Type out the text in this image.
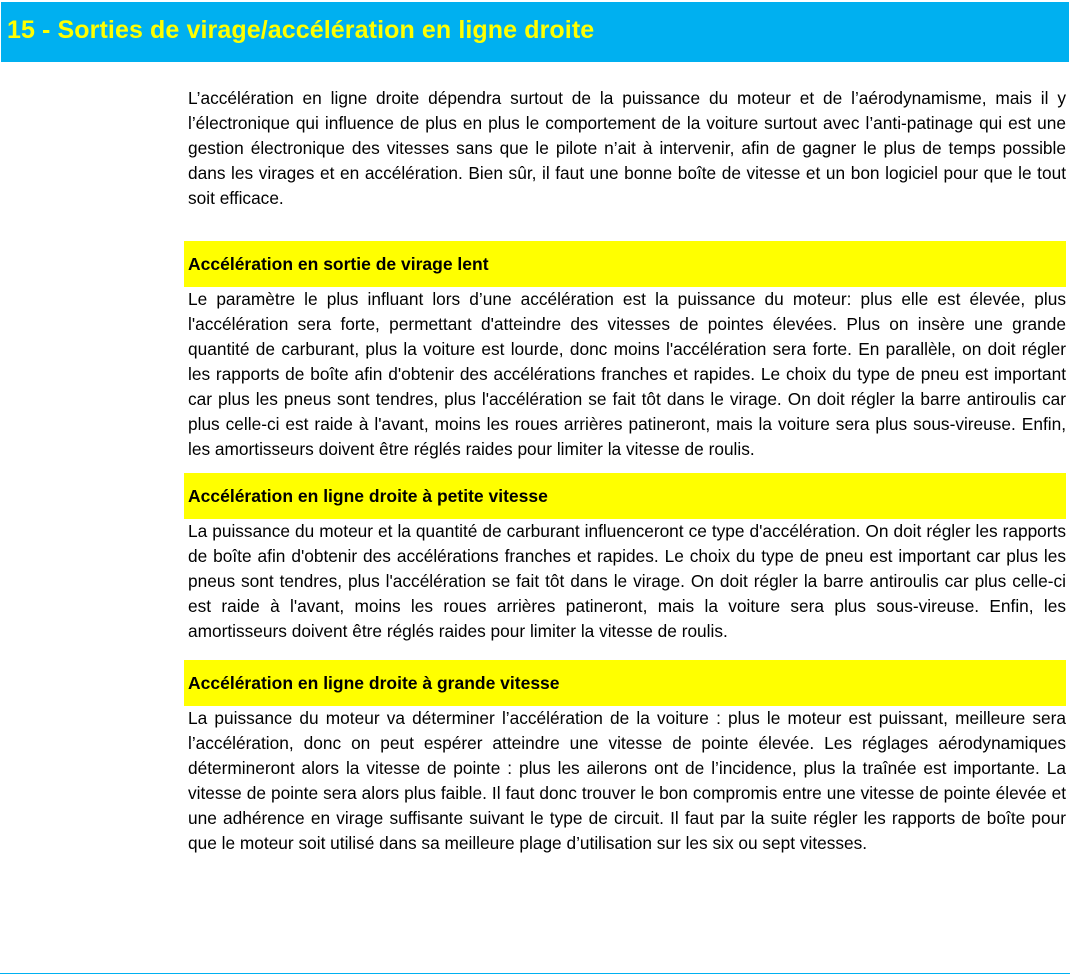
15 - Sorties de virage/accélération en ligne droite

L’accélération en ligne droite dépendra surtout de la puissance du moteur et de l’aérodynamisme, mais il y l’électronique qui influence de plus en plus le comportement de la voiture surtout avec l’anti-patinage qui est une gestion électronique des vitesses sans que le pilote n’ait à intervenir, afin de gagner le plus de temps possible dans les virages et en accélération. Bien sûr, il faut une bonne boîte de vitesse et un bon logiciel pour que le tout soit efficace.

Accélération en sortie de virage lent

Le paramètre le plus influant lors d’une accélération est la puissance du moteur: plus elle est élevée, plus l'accélération sera forte, permettant d'atteindre des vitesses de pointes élevées. Plus on insère une grande quantité de carburant, plus la voiture est lourde, donc moins l'accélération sera forte. En parallèle, on doit régler les rapports de boîte afin d'obtenir des accélérations franches et rapides. Le choix du type de pneu est important car plus les pneus sont tendres, plus l'accélération se fait tôt dans le virage. On doit régler la barre antiroulis car plus celle-ci est raide à l'avant, moins les roues arrières patineront, mais la voiture sera plus sous-vireuse. Enfin, les amortisseurs doivent être réglés raides pour limiter la vitesse de roulis.

Accélération en ligne droite à petite vitesse

La puissance du moteur et la quantité de carburant influenceront ce type d'accélération. On doit régler les rapports de boîte afin d'obtenir des accélérations franches et rapides. Le choix du type de pneu est important car plus les pneus sont tendres, plus l'accélération se fait tôt dans le virage. On doit régler la barre antiroulis car plus celle-ci est raide à l'avant, moins les roues arrières patineront, mais la voiture sera plus sous-vireuse. Enfin, les amortisseurs doivent être réglés raides pour limiter la vitesse de roulis.

Accélération en ligne droite à grande vitesse

La puissance du moteur va déterminer l’accélération de la voiture : plus le moteur est puissant, meilleure sera l’accélération, donc on peut espérer atteindre une vitesse de pointe élevée. Les réglages aérodynamiques détermineront alors la vitesse de pointe : plus les ailerons ont de l’incidence, plus la traînée est importante. La vitesse de pointe sera alors plus faible. Il faut donc trouver le bon compromis entre une vitesse de pointe élevée et une adhérence en virage suffisante suivant le type de circuit. Il faut par la suite régler les rapports de boîte pour que le moteur soit utilisé dans sa meilleure plage d’utilisation sur les six ou sept vitesses.
